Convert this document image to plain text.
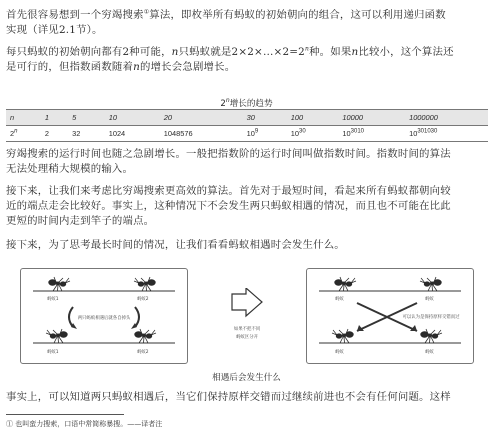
首先很容易想到一个穷竭搜索①算法，即枚举所有蚂蚁的初始朝向的组合，这可以利用递归函数
实现（详见2.1节）。
每只蚂蚁的初始朝向都有2种可能，n只蚂蚁就是$2\times 2\times\dots\times 2=2^n$种。如果n比较小，这个算法还
是可行的，但指数函数随着n的增长会急剧增长。
2$^n$增长的趋势
n	1	5	10	20	30	100	10000	1000000
2$^n$	2	32	1024	1048576	$10^9$	$10^{30}$	$10^{3010}$	$10^{301030}$
穷竭搜索的运行时间也随之急剧增长。一般把指数阶的运行时间叫做指数时间。指数时间的算法
无法处理稍大规模的输入。
接下来，让我们来考虑比穷竭搜索更高效的算法。首先对于最短时间，看起来所有蚂蚁都朝向较
近的端点走会比较好。事实上，这种情况下不会发生两只蚂蚁相遇的情况，而且也不可能在比此
更短的时间内走到竿子的端点。
接下来，为了思考最长时间的情况，让我们看看蚂蚁相遇时会发生什么。
蚂蚁1	蚂蚁2
两只蚂蚁相遇后就各自掉头
蚂蚁1	蚂蚁2
如果不把不同
蚂蚁区分开
蚂蚁	蚂蚁
可以认为是保持原样交错而过
蚂蚁	蚂蚁
相遇后会发生什么
事实上，可以知道两只蚂蚁相遇后，当它们保持原样交错而过继续前进也不会有任何问题。这样
① 也叫蛮力搜索，口语中常简称暴搜。——译者注
